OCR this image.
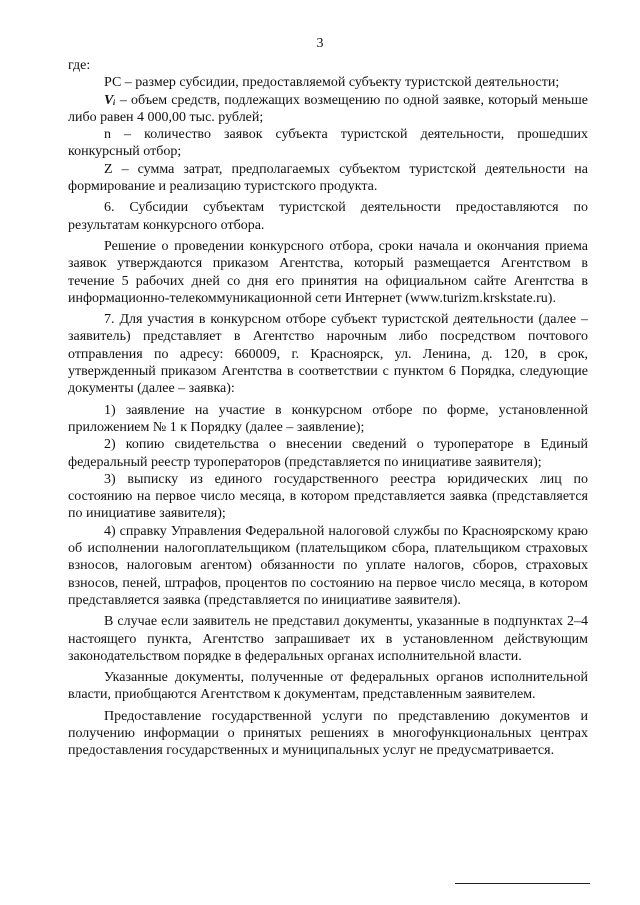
3

где:

РС – размер субсидии, предоставляемой субъекту туристской деятельности;

Vᵢ – объем средств, подлежащих возмещению по одной заявке, который меньше либо равен 4 000,00 тыс. рублей;

n – количество заявок субъекта туристской деятельности, прошедших конкурсный отбор;

Z – сумма затрат, предполагаемых субъектом туристской деятельности на формирование и реализацию туристского продукта.

6. Субсидии субъектам туристской деятельности предоставляются по результатам конкурсного отбора.

Решение о проведении конкурсного отбора, сроки начала и окончания приема заявок утверждаются приказом Агентства, который размещается Агентством в течение 5 рабочих дней со дня его принятия на официальном сайте Агентства в информационно-телекоммуникационной сети Интернет (www.turizm.krskstate.ru).

7. Для участия в конкурсном отборе субъект туристской деятельности (далее – заявитель) представляет в Агентство нарочным либо посредством почтового отправления по адресу: 660009, г. Красноярск, ул. Ленина, д. 120, в срок, утвержденный приказом Агентства в соответствии с пунктом 6 Порядка, следующие документы (далее – заявка):

1) заявление на участие в конкурсном отборе по форме, установленной приложением № 1 к Порядку (далее – заявление);

2) копию свидетельства о внесении сведений о туроператоре в Единый федеральный реестр туроператоров (представляется по инициативе заявителя);

3) выписку из единого государственного реестра юридических лиц по состоянию на первое число месяца, в котором представляется заявка (представляется по инициативе заявителя);

4) справку Управления Федеральной налоговой службы по Красноярскому краю об исполнении налогоплательщиком (плательщиком сбора, плательщиком страховых взносов, налоговым агентом) обязанности по уплате налогов, сборов, страховых взносов, пеней, штрафов, процентов по состоянию на первое число месяца, в котором представляется заявка (представляется по инициативе заявителя).

В случае если заявитель не представил документы, указанные в подпунктах 2–4 настоящего пункта, Агентство запрашивает их в установленном действующим законодательством порядке в федеральных органах исполнительной власти.

Указанные документы, полученные от федеральных органов исполнительной власти, приобщаются Агентством к документам, представленным заявителем.

Предоставление государственной услуги по представлению документов и получению информации о принятых решениях в многофункциональных центрах предоставления государственных и муниципальных услуг не предусматривается.
